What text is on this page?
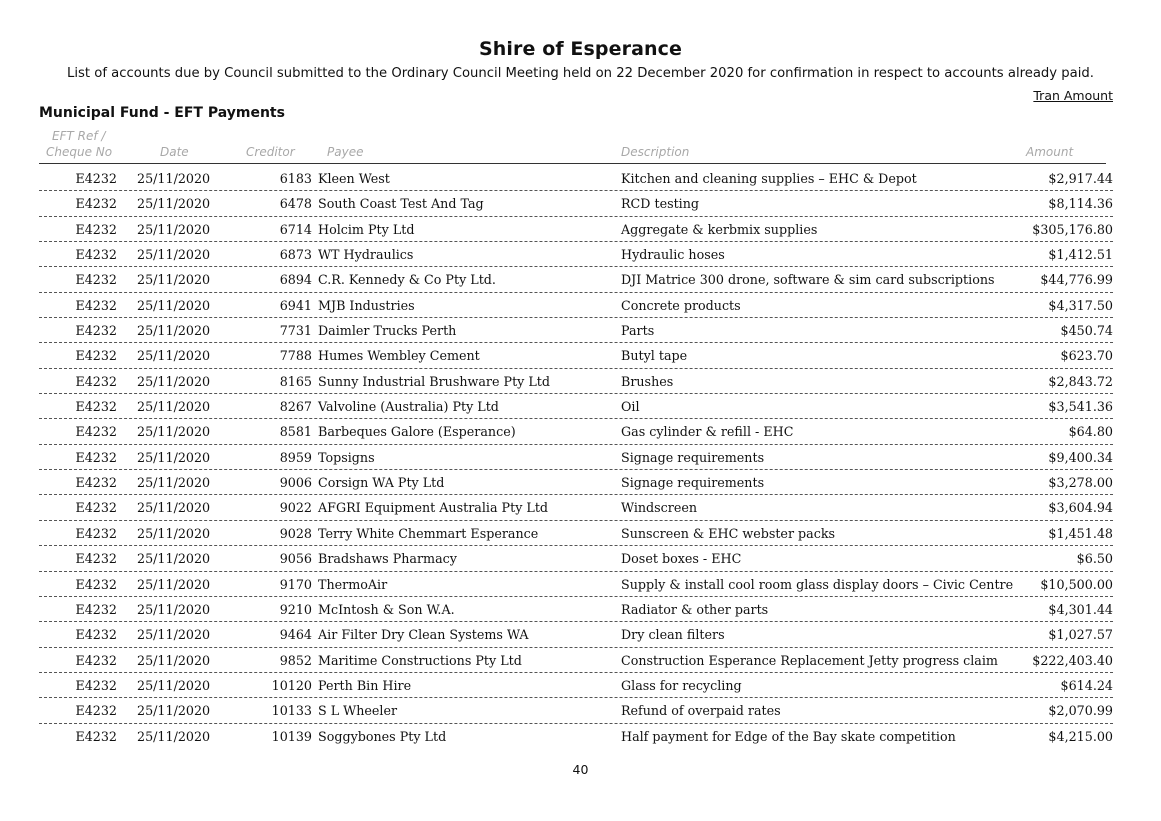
Shire of Esperance
List of accounts due by Council submitted to the Ordinary Council Meeting held on 22 December 2020 for confirmation in respect to accounts already paid.
Tran Amount
Municipal Fund - EFT Payments
EFT Ref /
Cheque No	Date	Creditor	Payee	Description	Amount
E4232 25/11/2020	6183 Kleen West	Kitchen and cleaning supplies – EHC & Depot	$2,917.44
E4232 25/11/2020	6478 South Coast Test And Tag	RCD testing	$8,114.36
E4232 25/11/2020	6714 Holcim Pty Ltd	Aggregate & kerbmix supplies	$305,176.80
E4232 25/11/2020	6873 WT Hydraulics	Hydraulic hoses	$1,412.51
E4232 25/11/2020	6894 C.R. Kennedy & Co Pty Ltd.	DJI Matrice 300 drone, software & sim card subscriptions	$44,776.99
E4232 25/11/2020	6941 MJB Industries	Concrete products	$4,317.50
E4232 25/11/2020	7731 Daimler Trucks Perth	Parts	$450.74
E4232 25/11/2020	7788 Humes Wembley Cement	Butyl tape	$623.70
E4232 25/11/2020	8165 Sunny Industrial Brushware Pty Ltd	Brushes	$2,843.72
E4232 25/11/2020	8267 Valvoline (Australia) Pty Ltd	Oil	$3,541.36
E4232 25/11/2020	8581 Barbeques Galore (Esperance)	Gas cylinder & refill - EHC	$64.80
E4232 25/11/2020	8959 Topsigns	Signage requirements	$9,400.34
E4232 25/11/2020	9006 Corsign WA Pty Ltd	Signage requirements	$3,278.00
E4232 25/11/2020	9022 AFGRI Equipment Australia Pty Ltd	Windscreen	$3,604.94
E4232 25/11/2020	9028 Terry White Chemmart Esperance	Sunscreen & EHC webster packs	$1,451.48
E4232 25/11/2020	9056 Bradshaws Pharmacy	Doset boxes - EHC	$6.50
E4232 25/11/2020	9170 ThermoAir	Supply & install cool room glass display doors – Civic Centre $10,500.00
E4232 25/11/2020	9210 McIntosh & Son W.A.	Radiator & other parts	$4,301.44
E4232 25/11/2020	9464 Air Filter Dry Clean Systems WA	Dry clean filters	$1,027.57
E4232 25/11/2020	9852 Maritime Constructions Pty Ltd	Construction Esperance Replacement Jetty progress claim	$222,403.40
E4232 25/11/2020	10120 Perth Bin Hire	Glass for recycling	$614.24
E4232 25/11/2020	10133 S L Wheeler	Refund of overpaid rates	$2,070.99
E4232 25/11/2020	10139 Soggybones Pty Ltd	Half payment for Edge of the Bay skate competition	$4,215.00
40
